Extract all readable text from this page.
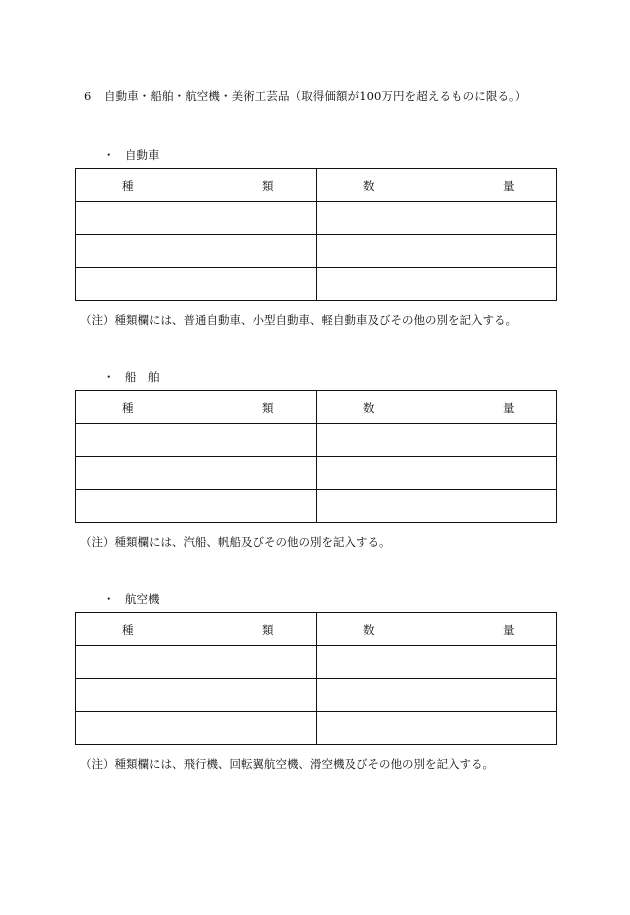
6 自動車・船舶・航空機・美術工芸品（取得価額が100万円を超えるものに限る。）
・ 自動車
種 類	数 量

（注）種類欄には、普通自動車、小型自動車、軽自動車及びその他の別を記入する。
・ 船　舶
種 類	数 量

（注）種類欄には、汽船、帆船及びその他の別を記入する。
・ 航空機
種 類	数 量

（注）種類欄には、飛行機、回転翼航空機、滑空機及びその他の別を記入する。
